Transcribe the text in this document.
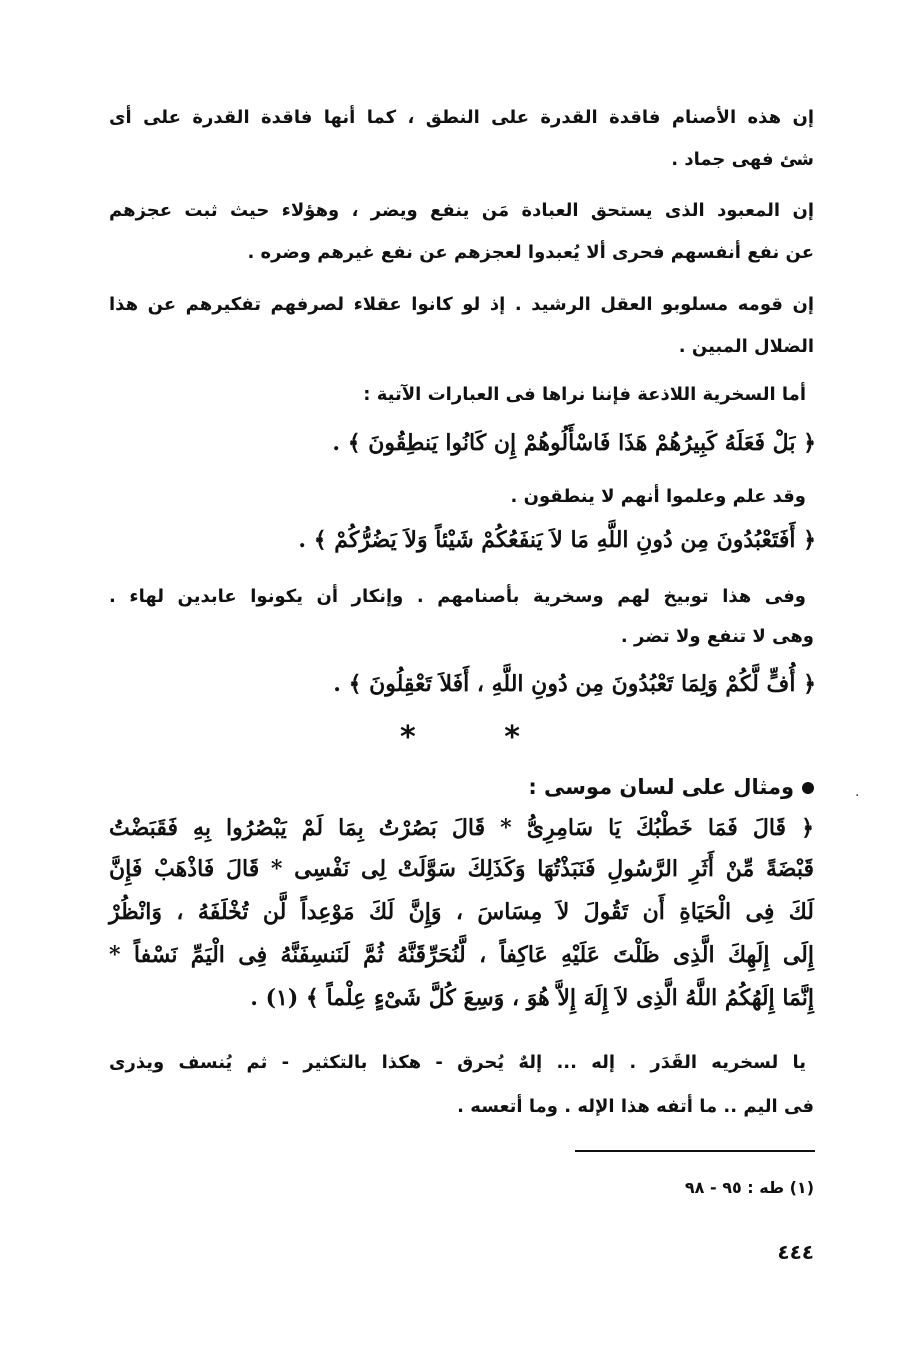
إن هذه الأصنام فاقدة القدرة على النطق ، كما أنها فاقدة القدرة على أى
شئ فهى جماد .
إن المعبود الذى يستحق العبادة مَن ينفع ويضر ، وهؤلاء حيث ثبت عجزهم
عن نفع أنفسهم فحرى ألا يُعبدوا لعجزهم عن نفع غيرهم وضره .
إن قومه مسلوبو العقل الرشيد . إذ لو كانوا عقلاء لصرفهم تفكيرهم عن هذا
الضلال المبين .
أما السخرية اللاذعة فإننا نراها فى العبارات الآتية :
﴿ بَلْ فَعَلَهُ كَبِيرُهُمْ هَذَا فَاسْأَلُوهُمْ إِن كَانُوا يَنطِقُونَ ﴾ .
وقد علم وعلموا أنهم لا ينطقون .
﴿ أَفَتَعْبُدُونَ مِن دُونِ اللَّهِ مَا لاَ يَنفَعُكُمْ شَيْئاً وَلاَ يَضُرُّكُمْ ﴾ .
وفى هذا توبيخ لهم وسخرية بأصنامهم . وإنكار أن يكونوا عابدين لهاء .
وهى لا تنفع ولا تضر .
﴿ أُفٍّ لَّكُمْ وَلِمَا تَعْبُدُونَ مِن دُونِ اللَّهِ ، أَفَلاَ تَعْقِلُونَ ﴾ .
*	*
ومثال على لسان موسى :
﴿ قَالَ فَمَا خَطْبُكَ يَا سَامِرِىُّ * قَالَ بَصُرْتُ بِمَا لَمْ يَبْصُرُوا بِهِ فَقَبَضْتُ
قَبْضَةً مِّنْ أَثَرِ الرَّسُولِ فَنَبَذْتُهَا وَكَذَلِكَ سَوَّلَتْ لِى نَفْسِى * قَالَ فَاذْهَبْ فَإِنَّ
لَكَ فِى الْحَيَاةِ أَن تَقُولَ لاَ مِسَاسَ ، وَإِنَّ لَكَ مَوْعِداً لَّن تُخْلَفَهُ ، وَانْظُرْ
إِلَى إِلَهِكَ الَّذِى ظَلْتَ عَلَيْهِ عَاكِفاً ، لَّنُحَرِّقَنَّهُ ثُمَّ لَنَنسِفَنَّهُ فِى الْيَمِّ نَسْفاً *
إِنَّمَا إِلَهُكُمُ اللَّهُ الَّذِى لاَ إِلَهَ إِلاَّ هُوَ ، وَسِعَ كُلَّ شَىْءٍ عِلْماً ﴾ (١) .
يا لسخريه القَدَر . إله ... إلهٌ يُحرق - هكذا بالتكثير - ثم يُنسف ويذرى
فى اليم .. ما أتفه هذا الإله . وما أتعسه .
(١) طه : ٩٥ - ٩٨
٤٤٤
·
